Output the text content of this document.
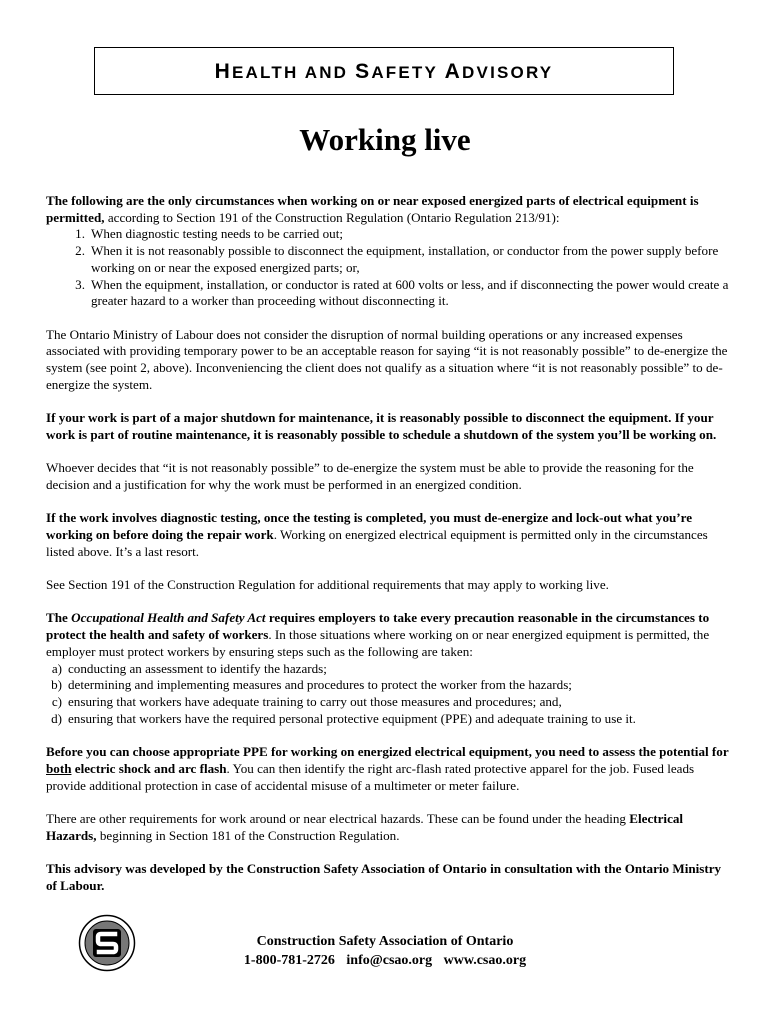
HEALTH AND SAFETY ADVISORY
Working live

The following are the only circumstances when working on or near exposed energized parts of electrical equipment is permitted, according to Section 191 of the Construction Regulation (Ontario Regulation 213/91):

1. When diagnostic testing needs to be carried out;
2. When it is not reasonably possible to disconnect the equipment, installation, or conductor from the power supply before working on or near the exposed energized parts; or,
3. When the equipment, installation, or conductor is rated at 600 volts or less, and if disconnecting the power would create a greater hazard to a worker than proceeding without disconnecting it.

The Ontario Ministry of Labour does not consider the disruption of normal building operations or any increased expenses associated with providing temporary power to be an acceptable reason for saying “it is not reasonably possible” to de-energize the system (see point 2, above). Inconveniencing the client does not qualify as a situation where “it is not reasonably possible” to de-energize the system.

If your work is part of a major shutdown for maintenance, it is reasonably possible to disconnect the equipment. If your work is part of routine maintenance, it is reasonably possible to schedule a shutdown of the system you’ll be working on.

Whoever decides that “it is not reasonably possible” to de-energize the system must be able to provide the reasoning for the decision and a justification for why the work must be performed in an energized condition.

If the work involves diagnostic testing, once the testing is completed, you must de-energize and lock-out what you’re working on before doing the repair work. Working on energized electrical equipment is permitted only in the circumstances listed above. It’s a last resort.

See Section 191 of the Construction Regulation for additional requirements that may apply to working live.

The Occupational Health and Safety Act requires employers to take every precaution reasonable in the circumstances to protect the health and safety of workers. In those situations where working on or near energized equipment is permitted, the employer must protect workers by ensuring steps such as the following are taken:

a) conducting an assessment to identify the hazards;
b) determining and implementing measures and procedures to protect the worker from the hazards;
c) ensuring that workers have adequate training to carry out those measures and procedures; and,
d) ensuring that workers have the required personal protective equipment (PPE) and adequate training to use it.

Before you can choose appropriate PPE for working on energized electrical equipment, you need to assess the potential for both electric shock and arc flash. You can then identify the right arc-flash rated protective apparel for the job. Fused leads provide additional protection in case of accidental misuse of a multimeter or meter failure.

There are other requirements for work around or near electrical hazards. These can be found under the heading Electrical Hazards, beginning in Section 181 of the Construction Regulation.

This advisory was developed by the Construction Safety Association of Ontario in consultation with the Ontario Ministry of Labour.

Construction Safety Association of Ontario
1-800-781-2726 info@csao.org www.csao.org
